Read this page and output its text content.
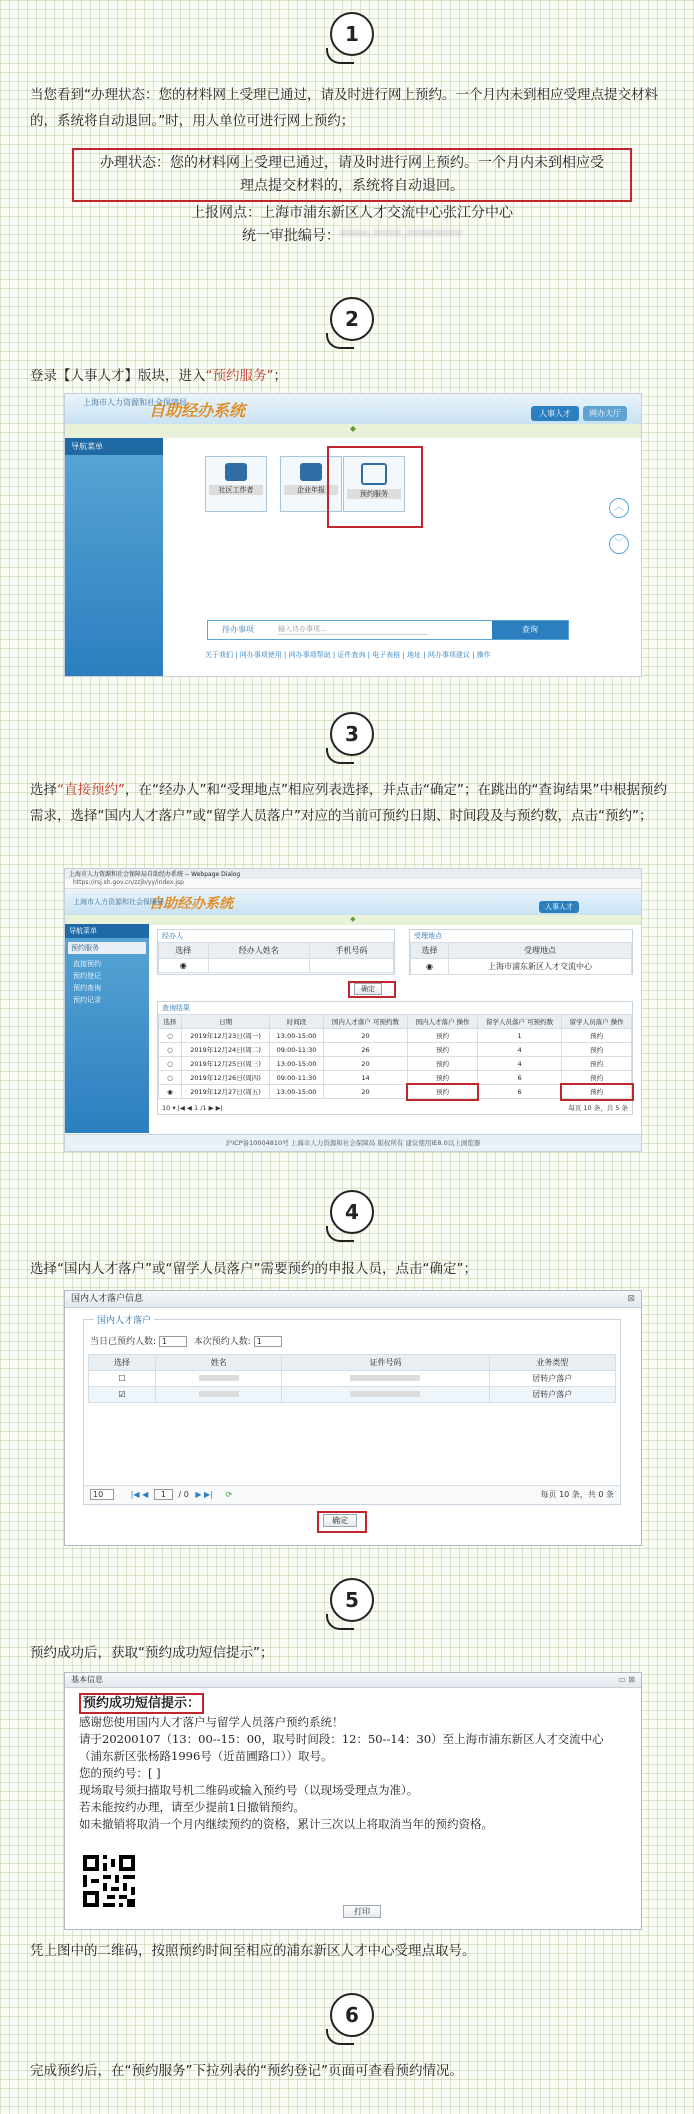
1
当您看到“办理状态：您的材料网上受理已通过，请及时进行网上预约。一个月内未到相应受理点提交材料的，系统将自动退回。”时，用人单位可进行网上预约；
办理状态：您的材料网上受理已通过，请及时进行网上预约。一个月内未到相应受
理点提交材料的，系统将自动退回。
上报网点：上海市浦东新区人才交流中心张江分中心
统一审批编号：****-****-********
2
登录【人事人才】版块，进入“预约服务”；
上海市人力资源和社会保障局
自助经办系统	人事人才	网办大厅
◆
导航菜单
社区工作者	企业年报	预约服务
︿
﹀
待办事项	输入待办事项...	查询
关于我们 | 网办事项使用 | 网办事项帮助 | 证件查询 | 电子表格 | 地址 | 网办事项建议 | 操作
3
选择“直接预约”，在“经办人”和“受理地点”相应列表选择，并点击“确定”；在跳出的“查询结果”中根据预约需求，选择“国内人才落户”或“留学人员落户”对应的当前可预约日期、时间段及与预约数，点击“预约”；
上海市人力资源和社会保障局自助经办系统 -- Webpage Dialog
https://rsj.sh.gov.cn/zzjb/yy/index.jsp
自助经办系统
上海市人力资源和社会保障局
人事人才
◆
导航菜单
预约服务
直接预约
预约登记
预约查询
预约记录
经办人
选择	经办人姓名	手机号码
◉		
受理地点
选择	受理地点
◉	上海市浦东新区人才交流中心
确定
查询结果
选择	日期	时间段	国内人才落户 可预约数	国内人才落户 操作	留学人员落户 可预约数	留学人员落户 操作
○	2019年12月23日(周一)	13:00-15:00	20	预约	1	预约
○	2019年12月24日(周二)	09:00-11:30	26	预约	4	预约
○	2019年12月25日(周三)	13:00-15:00	20	预约	4	预约
○	2019年12月26日(周四)	09:00-11:30	14	预约	6	预约
◉	2019年12月27日(周五)	13:00-15:00	20	预约	6	预约
10 ▾ |◀ ◀ 1 /1 ▶ ▶|	每页 10 条，共 5 条
沪ICP备10004810号 上海市人力资源和社会保障局 版权所有 建议使用IE8.0以上浏览器
4
选择“国内人才落户”或“留学人员落户”需要预约的申报人员，点击“确定”；
国内人才落户信息	⊠
国内人才落户
当日已预约人数: 1	本次预约人数: 1
选择	姓名	证件号码	业务类型
☐			居转户落户
☑			居转户落户
10	|◀ ◀ 1 / 0 ▶ ▶| ⟳	每页 10 条，共 0 条
确定
5
预约成功后，获取“预约成功短信提示”；
基本信息	▭ ⊠
预约成功短信提示：
感谢您使用国内人才落户与留学人员落户预约系统！
请于20200107（13：00--15：00，取号时间段：12：50--14：30）至上海市浦东新区人才交流中心
（浦东新区张杨路1996号（近苗圃路口））取号。
您的预约号：[ ]
现场取号须扫描取号机二维码或输入预约号（以现场受理点为准）。
若未能按约办理，请至少提前1日撤销预约。
如未撤销将取消一个月内继续预约的资格，累计三次以上将取消当年的预约资格。
打印
凭上图中的二维码，按照预约时间至相应的浦东新区人才中心受理点取号。
6
完成预约后，在“预约服务”下拉列表的“预约登记”页面可查看预约情况。
